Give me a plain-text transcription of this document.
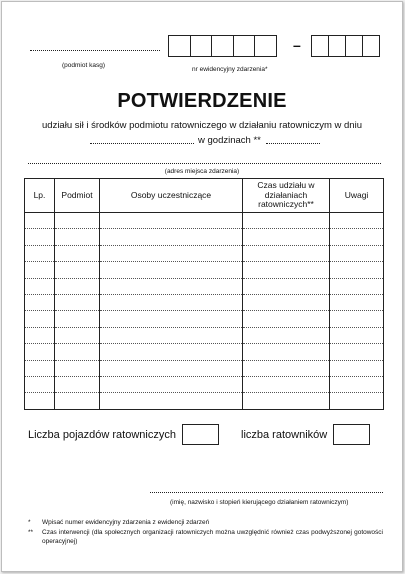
(podmiot kasg)
–
nr ewidencyjny zdarzenia*
POTWIERDZENIE
udziału sił i środków podmiotu ratowniczego w działaniu ratowniczym w dniu
w godzinach **
(adres miejsca zdarzenia)
Lp.	Podmiot	Osoby uczestniczące	Czas udziału w działaniach ratowniczych**	Uwagi

Liczba pojazdów ratowniczych	liczba ratowników
(imię, nazwisko i stopień kierującego działaniem ratowniczym)
* Wpisać numer ewidencyjny zdarzenia z ewidencji zdarzeń
**	Czas interwencji (dla społecznych organizacji ratowniczych można uwzględnić również czas podwyższonej gotowości operacyjnej)
